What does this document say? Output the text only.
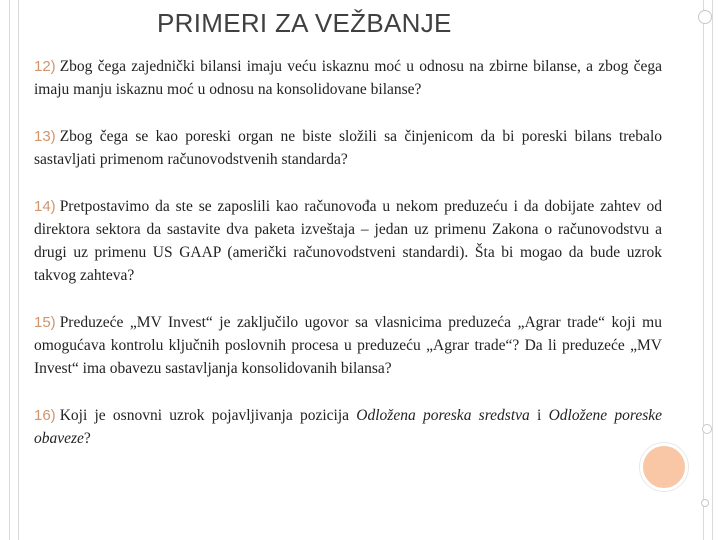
PRIMERI ZA VEŽBANJE

12) Zbog čega zajednički bilansi imaju veću iskaznu moć u odnosu na zbirne bilanse, a zbog čega imaju manju iskaznu moć u odnosu na konsolidovane bilanse?

13) Zbog čega se kao poreski organ ne biste složili sa činjenicom da bi poreski bilans trebalo sastavljati primenom računovodstvenih standarda?

14) Pretpostavimo da ste se zaposlili kao računovođa u nekom preduzeću i da dobijate zahtev od direktora sektora da sastavite dva paketa izveštaja – jedan uz primenu Zakona o računovodstvu a drugi uz primenu US GAAP (američki računovodstveni standardi). Šta bi mogao da bude uzrok takvog zahteva?

15) Preduzeće „MV Invest“ je zaključilo ugovor sa vlasnicima preduzeća „Agrar trade“ koji mu omogućava kontrolu ključnih poslovnih procesa u preduzeću „Agrar trade“? Da li preduzeće „MV Invest“ ima obavezu sastavljanja konsolidovanih bilansa?

16) Koji je osnovni uzrok pojavljivanja pozicija Odložena poreska sredstva i Odložene poreske obaveze?
